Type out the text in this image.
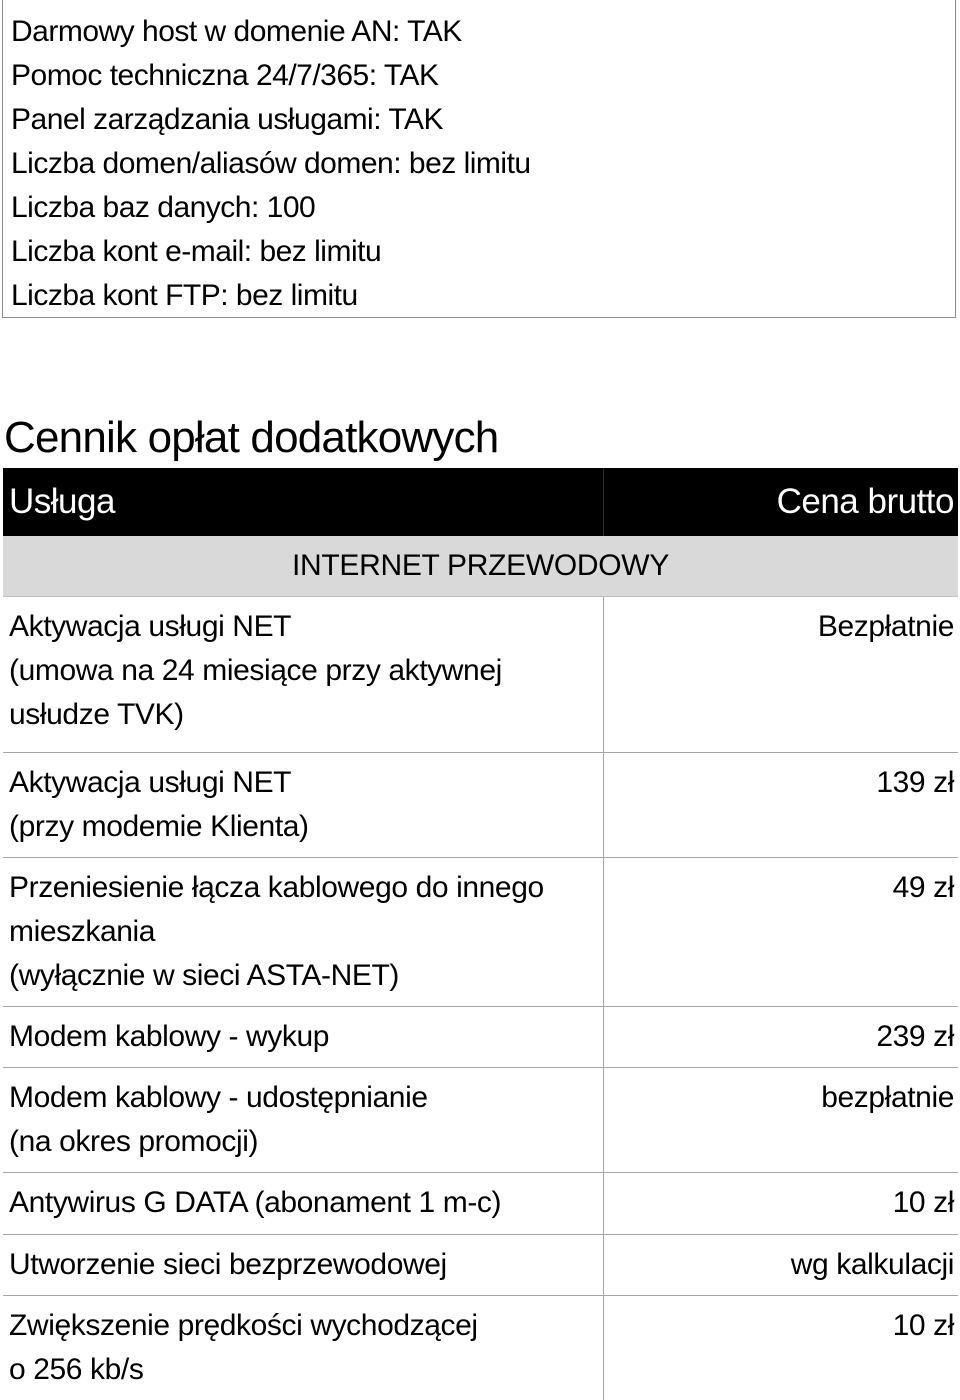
Darmowy host w domenie AN: TAK
Pomoc techniczna 24/7/365: TAK
Panel zarządzania usługami: TAK
Liczba domen/aliasów domen: bez limitu
Liczba baz danych: 100
Liczba kont e-mail: bez limitu
Liczba kont FTP: bez limitu
Cennik opłat dodatkowych
Usługa	Cena brutto
INTERNET PRZEWODOWY	

Aktywacja usługi NET
(umowa na 24 miesiące przy aktywnej
usłudze TVK)	Bezpłatnie

Aktywacja usługi NET
(przy modemie Klienta)	139 zł

Przeniesienie łącza kablowego do innego
mieszkania
(wyłącznie w sieci ASTA-NET)	49 zł

Modem kablowy - wykup	239 zł

Modem kablowy - udostępnianie
(na okres promocji)	bezpłatnie

Antywirus G DATA (abonament 1 m-c)	10 zł

Utworzenie sieci bezprzewodowej	wg kalkulacji

Zwiększenie prędkości wychodzącej
o 256 kb/s	10 zł
